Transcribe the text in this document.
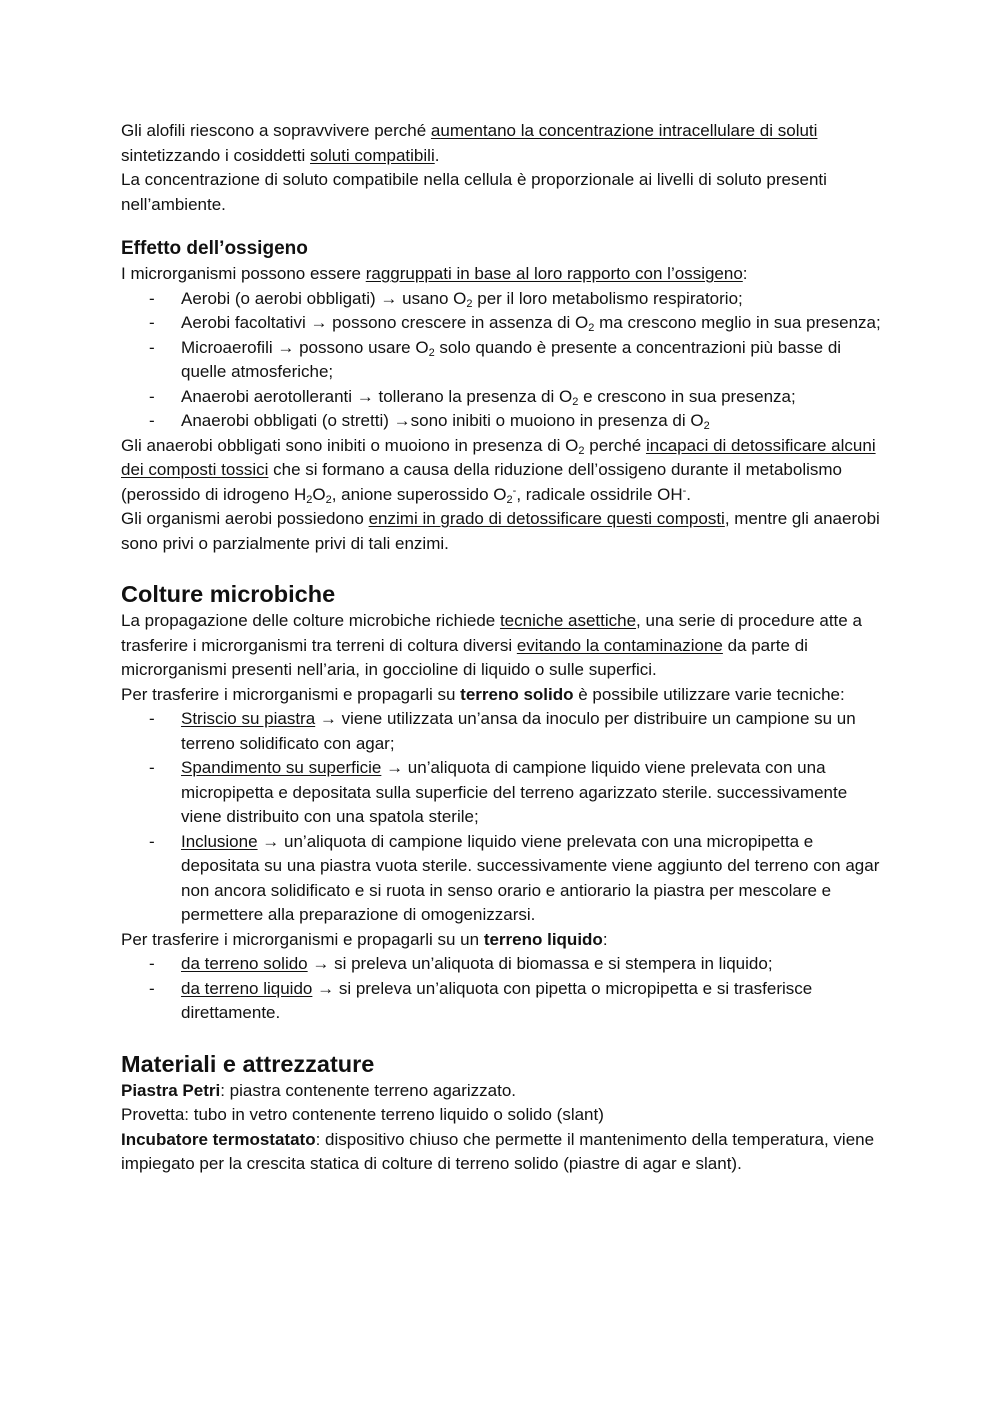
Gli alofili riescono a sopravvivere perché aumentano la concentrazione intracellulare di soluti sintetizzando i cosiddetti soluti compatibili.

La concentrazione di soluto compatibile nella cellula è proporzionale ai livelli di soluto presenti nell’ambiente.

Effetto dell’ossigeno

I microrganismi possono essere raggruppati in base al loro rapporto con l’ossigeno:

- Aerobi (o aerobi obbligati) → usano $O_2$ per il loro metabolismo respiratorio;
- Aerobi facoltativi → possono crescere in assenza di $O_2$ ma crescono meglio in sua presenza;
- Microaerofili → possono usare $O_2$ solo quando è presente a concentrazioni più basse di quelle atmosferiche;
- Anaerobi aerotolleranti → tollerano la presenza di $O_2$ e crescono in sua presenza;
- Anaerobi obbligati (o stretti) →sono inibiti o muoiono in presenza di $O_2$

Gli anaerobi obbligati sono inibiti o muoiono in presenza di $O_2$ perché incapaci di detossificare alcuni dei composti tossici che si formano a causa della riduzione dell’ossigeno durante il metabolismo (perossido di idrogeno $H_2O_2$, anione superossido $O_2^-$, radicale ossidrile OH-.

Gli organismi aerobi possiedono enzimi in grado di detossificare questi composti, mentre gli anaerobi sono privi o parzialmente privi di tali enzimi.

Colture microbiche

La propagazione delle colture microbiche richiede tecniche asettiche, una serie di procedure atte a trasferire i microrganismi tra terreni di coltura diversi evitando la contaminazione da parte di microrganismi presenti nell’aria, in goccioline di liquido o sulle superfici.

Per trasferire i microrganismi e propagarli su terreno solido è possibile utilizzare varie tecniche:

- Striscio su piastra → viene utilizzata un’ansa da inoculo per distribuire un campione su un terreno solidificato con agar;
- Spandimento su superficie → un’aliquota di campione liquido viene prelevata con una micropipetta e depositata sulla superficie del terreno agarizzato sterile. successivamente viene distribuito con una spatola sterile;
- Inclusione → un’aliquota di campione liquido viene prelevata con una micropipetta e depositata su una piastra vuota sterile. successivamente viene aggiunto del terreno con agar non ancora solidificato e si ruota in senso orario e antiorario la piastra per mescolare e permettere alla preparazione di omogenizzarsi.

Per trasferire i microrganismi e propagarli su un terreno liquido:

- da terreno solido → si preleva un’aliquota di biomassa e si stempera in liquido;
- da terreno liquido → si preleva un’aliquota con pipetta o micropipetta e si trasferisce direttamente.
Materiali e attrezzature

Piastra Petri: piastra contenente terreno agarizzato.

Provetta: tubo in vetro contenente terreno liquido o solido (slant)

Incubatore termostatato: dispositivo chiuso che permette il mantenimento della temperatura, viene impiegato per la crescita statica di colture di terreno solido (piastre di agar e slant).
